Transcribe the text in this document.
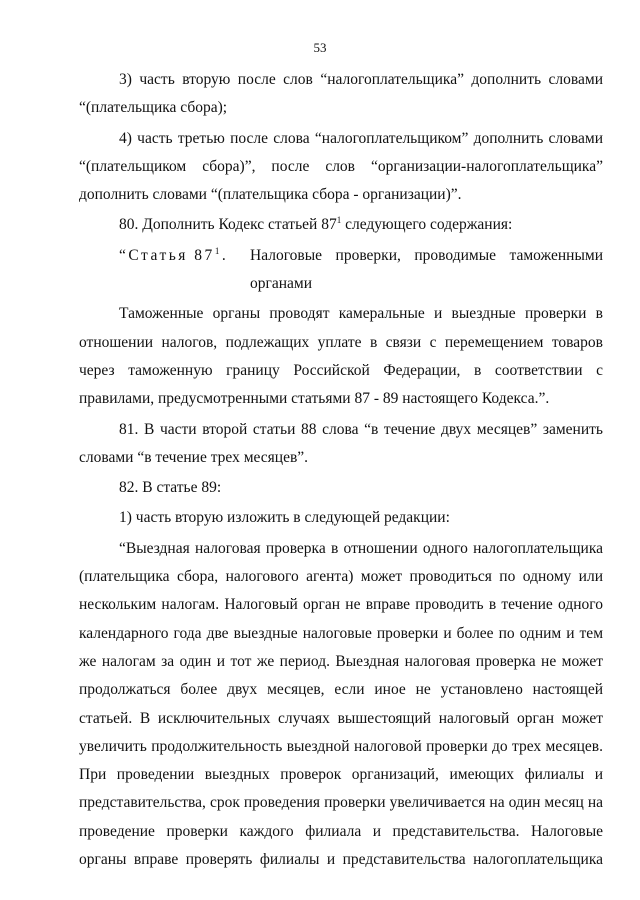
53

3) часть вторую после слов “налогоплательщика” дополнить словами “(плательщика сбора);

4) часть третью после слова “налогоплательщиком” дополнить словами “(плательщиком сбора)”, после слов “организации-налогоплательщика” дополнить словами “(плательщика сбора - организации)”.

80. Дополнить Кодекс статьей $87^1$ следующего содержания:

“Статья $87^1$.	Налоговые проверки, проводимые таможенными
органами

Таможенные органы проводят камеральные и выездные проверки в отношении налогов, подлежащих уплате в связи с перемещением товаров через таможенную границу Российской Федерации, в соответствии с правилами, предусмотренными статьями 87 - 89 настоящего Кодекса.”.

81. В части второй статьи 88 слова “в течение двух месяцев” заменить словами “в течение трех месяцев”.

82. В статье 89:

1) часть вторую изложить в следующей редакции:

“Выездная налоговая проверка в отношении одного налогоплательщика (плательщика сбора, налогового агента) может проводиться по одному или нескольким налогам. Налоговый орган не вправе проводить в течение одного календарного года две выездные налоговые проверки и более по одним и тем же налогам за один и тот же период. Выездная налоговая проверка не может продолжаться более двух месяцев, если иное не установлено настоящей статьей. В исключительных случаях вышестоящий налоговый орган может увеличить продолжительность выездной налоговой проверки до трех месяцев. При проведении выездных проверок организаций, имеющих филиалы и представительства, срок проведения проверки увеличивается на один месяц на проведение проверки каждого филиала и представительства. Налоговые органы вправе проверять филиалы и представительства налогоплательщика
